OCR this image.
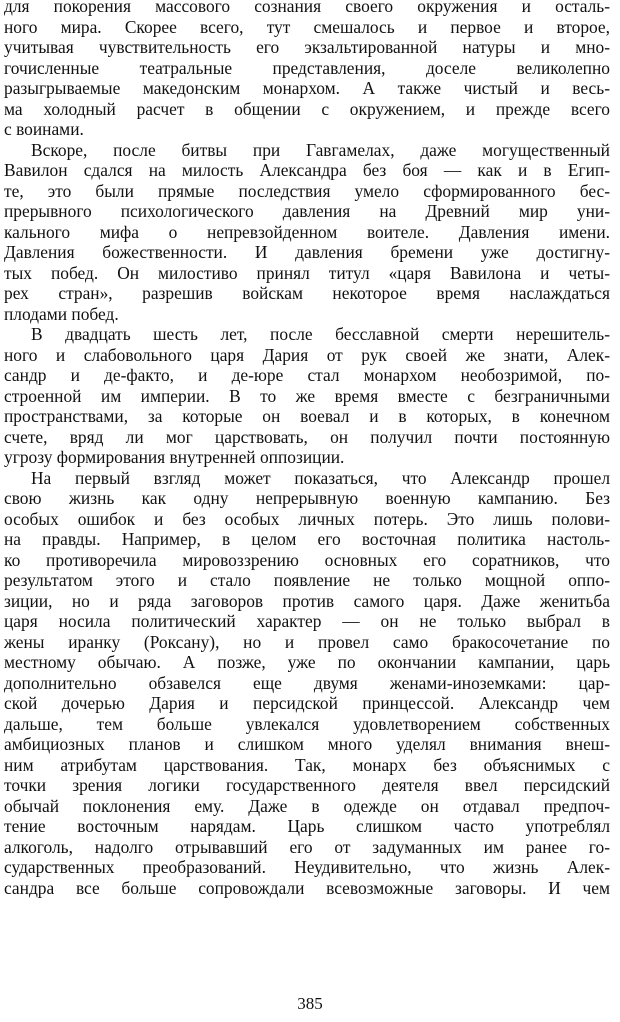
для покорения массового сознания своего окружения и осталь-
ного мира. Скорее всего, тут смешалось и первое и второе,
учитывая чувствительность его экзальтированной натуры и мно-
гочисленные театральные представления, доселе великолепно
разыгрываемые македонским монархом. А также чистый и весь-
ма холодный расчет в общении с окружением, и прежде всего
с воинами.
Вскоре, после битвы при Гавгамелах, даже могущественный
Вавилон сдался на милость Александра без боя — как и в Егип-
те, это были прямые последствия умело сформированного бес-
прерывного психологического давления на Древний мир уни-
кального мифа о непревзойденном воителе. Давления имени.
Давления божественности. И давления бремени уже достигну-
тых побед. Он милостиво принял титул «царя Вавилона и четы-
рех стран», разрешив войскам некоторое время наслаждаться
плодами побед.
В двадцать шесть лет, после бесславной смерти нерешитель-
ного и слабовольного царя Дария от рук своей же знати, Алек-
сандр и де-факто, и де-юре стал монархом необозримой, по-
строенной им империи. В то же время вместе с безграничными
пространствами, за которые он воевал и в которых, в конечном
счете, вряд ли мог царствовать, он получил почти постоянную
угрозу формирования внутренней оппозиции.
На первый взгляд может показаться, что Александр прошел
свою жизнь как одну непрерывную военную кампанию. Без
особых ошибок и без особых личных потерь. Это лишь полови-
на правды. Например, в целом его восточная политика настоль-
ко противоречила мировоззрению основных его соратников, что
результатом этого и стало появление не только мощной оппо-
зиции, но и ряда заговоров против самого царя. Даже женитьба
царя носила политический характер — он не только выбрал в
жены иранку (Роксану), но и провел само бракосочетание по
местному обычаю. А позже, уже по окончании кампании, царь
дополнительно обзавелся еще двумя женами-иноземками: цар-
ской дочерью Дария и персидской принцессой. Александр чем
дальше, тем больше увлекался удовлетворением собственных
амбициозных планов и слишком много уделял внимания внеш-
ним атрибутам царствования. Так, монарх без объяснимых с
точки зрения логики государственного деятеля ввел персидский
обычай поклонения ему. Даже в одежде он отдавал предпоч-
тение восточным нарядам. Царь слишком часто употреблял
алкоголь, надолго отрывавший его от задуманных им ранее го-
сударственных преобразований. Неудивительно, что жизнь Алек-
сандра все больше сопровождали всевозможные заговоры. И чем
385
